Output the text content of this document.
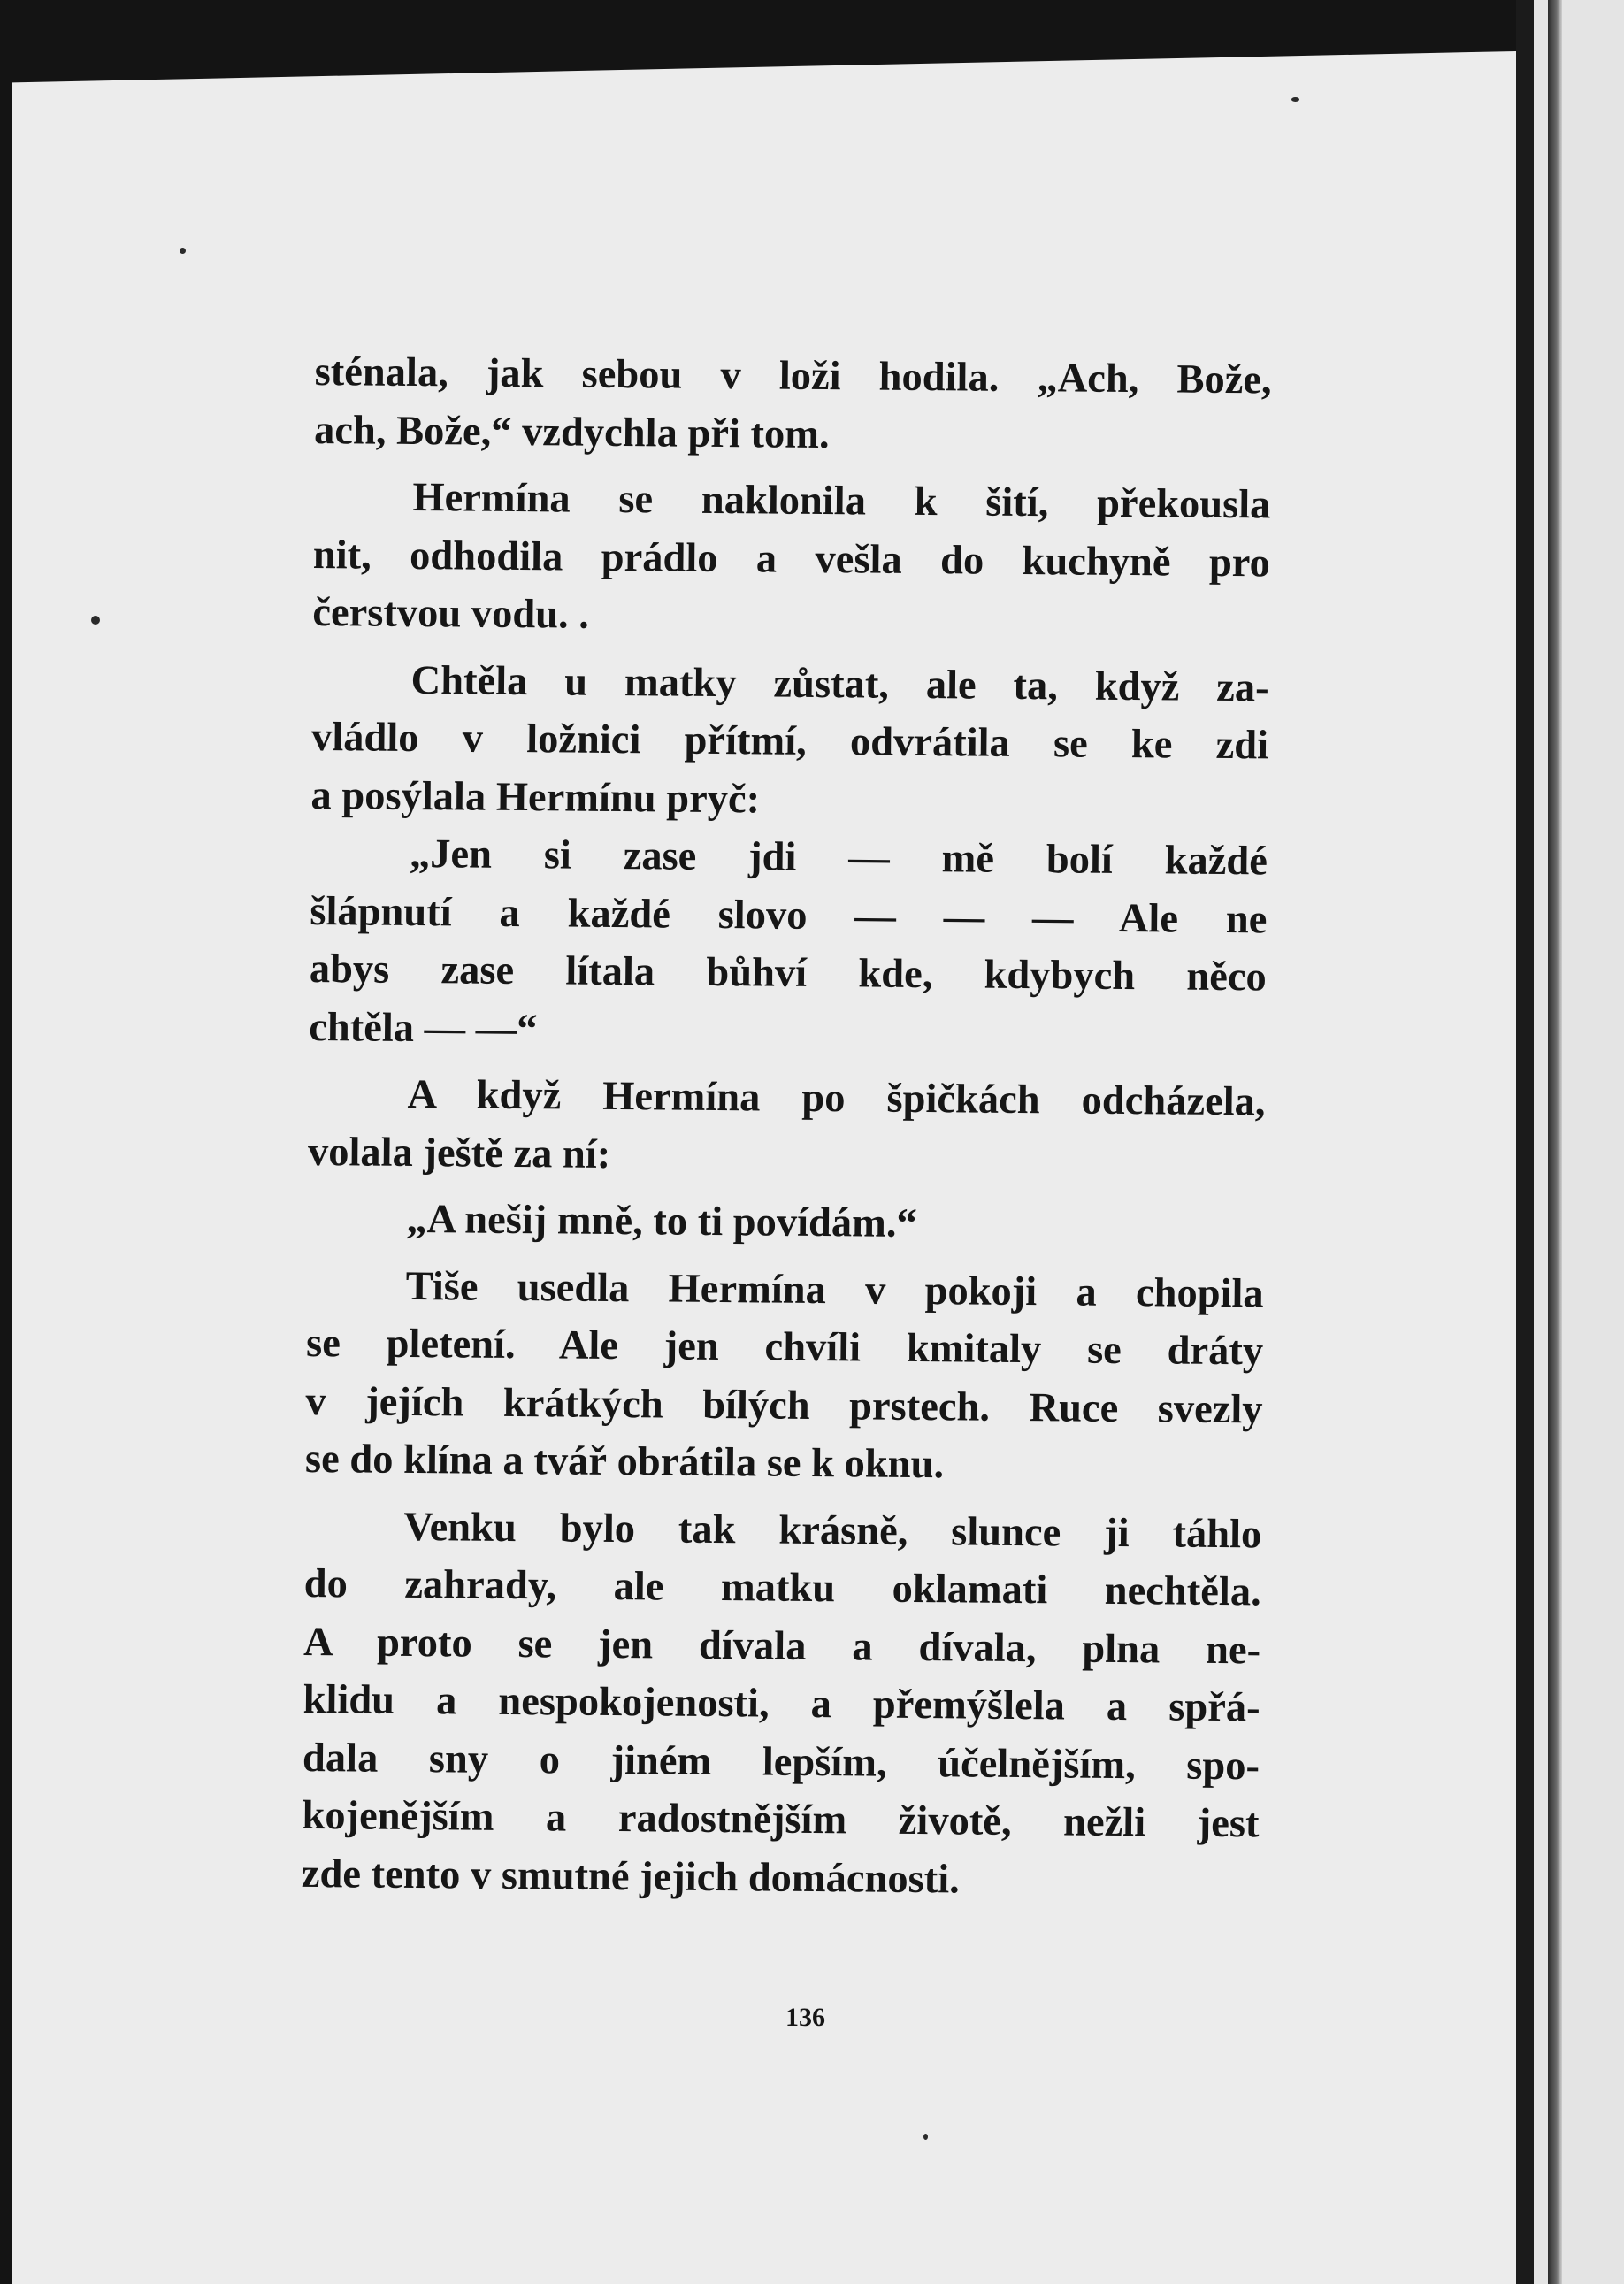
sténala, jak sebou v loži hodila. „Ach, Bože,
ach, Bože,“ vzdychla při tom.
Hermína se naklonila k šití, překousla
nit, odhodila prádlo a vešla do kuchyně pro
čerstvou vodu. .
Chtěla u matky zůstat, ale ta, když za-
vládlo v ložnici přítmí, odvrátila se ke zdi
a posýlala Hermínu pryč:
„Jen si zase jdi — mě bolí každé
šlápnutí a každé slovo — — — Ale ne
abys zase lítala bůhví kde, kdybych něco
chtěla — —“
A když Hermína po špičkách odcházela,
volala ještě za ní:
„A nešij mně, to ti povídám.“
Tiše usedla Hermína v pokoji a chopila
se pletení. Ale jen chvíli kmitaly se dráty
v jejích krátkých bílých prstech. Ruce svezly
se do klína a tvář obrátila se k oknu.
Venku bylo tak krásně, slunce ji táhlo
do zahrady, ale matku oklamati nechtěla.
A proto se jen dívala a dívala, plna ne-
klidu a nespokojenosti, a přemýšlela a spřá-
dala sny o jiném lepším, účelnějším, spo-
kojenějším a radostnějším životě, nežli jest
zde tento v smutné jejich domácnosti.
136
